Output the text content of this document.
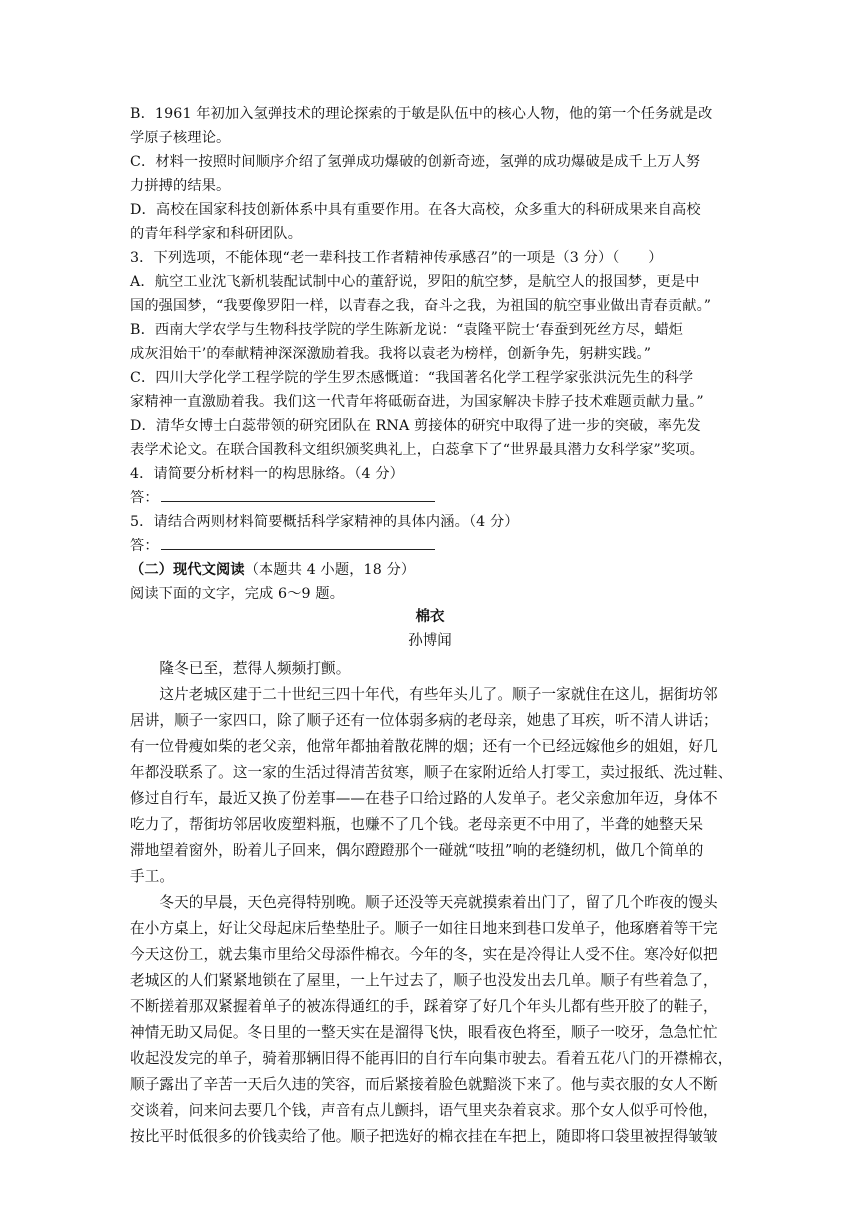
B．1961 年初加入氢弹技术的理论探索的于敏是队伍中的核心人物，他的第一个任务就是改
学原子核理论。
C．材料一按照时间顺序介绍了氢弹成功爆破的创新奇迹，氢弹的成功爆破是成千上万人努
力拼搏的结果。
D．高校在国家科技创新体系中具有重要作用。在各大高校，众多重大的科研成果来自高校
的青年科学家和科研团队。
3．下列选项，不能体现“老一辈科技工作者精神传承感召”的一项是（3 分）（　　）
A．航空工业沈飞新机装配试制中心的董舒说，罗阳的航空梦，是航空人的报国梦，更是中
国的强国梦，“我要像罗阳一样，以青春之我，奋斗之我，为祖国的航空事业做出青春贡献。”
B．西南大学农学与生物科技学院的学生陈新龙说：“袁隆平院士‘春蚕到死丝方尽，蜡炬
成灰泪始干’的奉献精神深深激励着我。我将以袁老为榜样，创新争先，躬耕实践。”
C．四川大学化学工程学院的学生罗杰感慨道：“我国著名化学工程学家张洪沅先生的科学
家精神一直激励着我。我们这一代青年将砥砺奋进，为国家解决卡脖子技术难题贡献力量。”
D．清华女博士白蕊带领的研究团队在 RNA 剪接体的研究中取得了进一步的突破，率先发
表学术论文。在联合国教科文组织颁奖典礼上，白蕊拿下了“世界最具潜力女科学家”奖项。
4．请简要分析材料一的构思脉络。（4 分）
答：
5．请结合两则材料简要概括科学家精神的具体内涵。（4 分）
答：
（二）现代文阅读（本题共 4 小题，18 分）
阅读下面的文字，完成 6～9 题。
棉衣
孙博闻
　　隆冬已至，惹得人频频打颤。
　　这片老城区建于二十世纪三四十年代，有些年头儿了。顺子一家就住在这儿，据街坊邻
居讲，顺子一家四口，除了顺子还有一位体弱多病的老母亲，她患了耳疾，听不清人讲话；
有一位骨瘦如柴的老父亲，他常年都抽着散花牌的烟；还有一个已经远嫁他乡的姐姐，好几
年都没联系了。这一家的生活过得清苦贫寒，顺子在家附近给人打零工，卖过报纸、洗过鞋、
修过自行车，最近又换了份差事——在巷子口给过路的人发单子。老父亲愈加年迈，身体不
吃力了，帮街坊邻居收废塑料瓶，也赚不了几个钱。老母亲更不中用了，半聋的她整天呆
滞地望着窗外，盼着儿子回来，偶尔蹬蹬那个一碰就“吱扭”响的老缝纫机，做几个简单的
手工。
　　冬天的早晨，天色亮得特别晚。顺子还没等天亮就摸索着出门了，留了几个昨夜的馒头
在小方桌上，好让父母起床后垫垫肚子。顺子一如往日地来到巷口发单子，他琢磨着等干完
今天这份工，就去集市里给父母添件棉衣。今年的冬，实在是冷得让人受不住。寒冷好似把
老城区的人们紧紧地锁在了屋里，一上午过去了，顺子也没发出去几单。顺子有些着急了，
不断搓着那双紧握着单子的被冻得通红的手，踩着穿了好几个年头儿都有些开胶了的鞋子，
神情无助又局促。冬日里的一整天实在是溜得飞快，眼看夜色将至，顺子一咬牙，急急忙忙
收起没发完的单子，骑着那辆旧得不能再旧的自行车向集市驶去。看着五花八门的开襟棉衣，
顺子露出了辛苦一天后久违的笑容，而后紧接着脸色就黯淡下来了。他与卖衣服的女人不断
交谈着，问来问去要几个钱，声音有点儿颤抖，语气里夹杂着哀求。那个女人似乎可怜他，
按比平时低很多的价钱卖给了他。顺子把选好的棉衣挂在车把上，随即将口袋里被捏得皱皱
